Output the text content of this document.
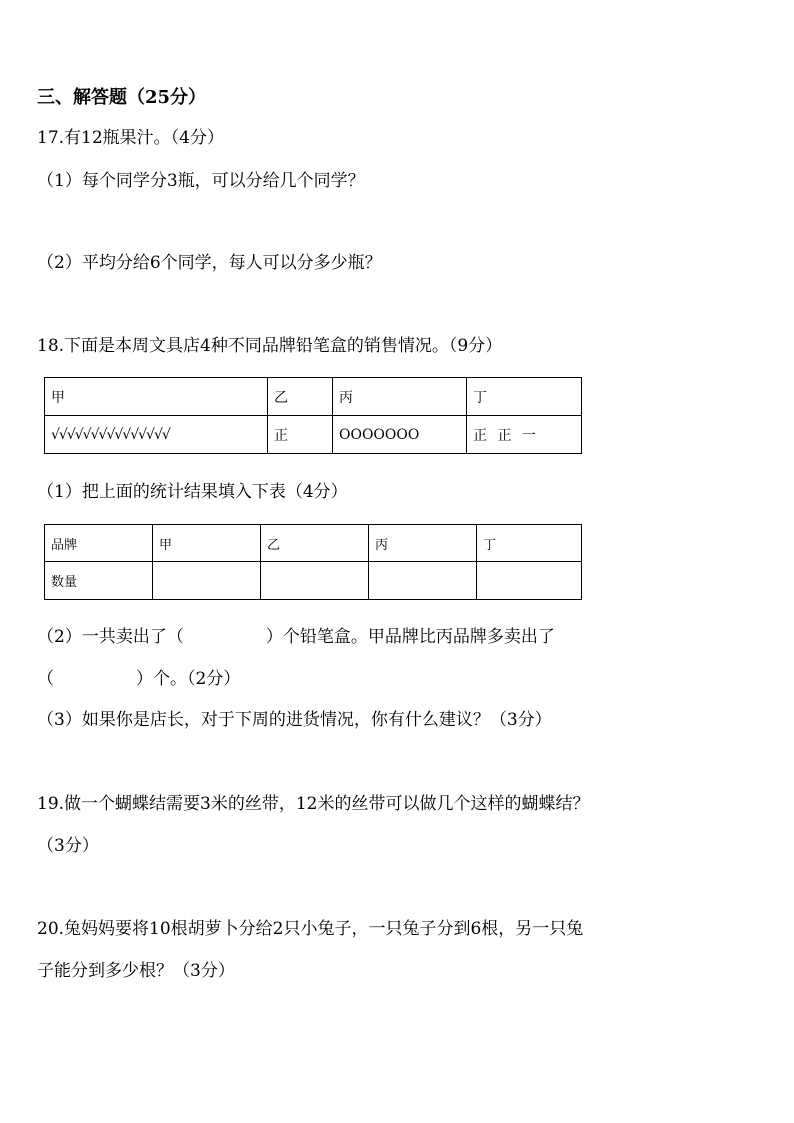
三、解答题（25分）
17.有12瓶果汁。（4分）
（1）每个同学分3瓶，可以分给几个同学？
（2）平均分给6个同学，每人可以分多少瓶？
18.下面是本周文具店4种不同品牌铅笔盒的销售情况。（9分）
甲	乙	丙	丁
√√√√√√√√√√√√√√√	正	OOOOOOO	正 正 一
（1）把上面的统计结果填入下表（4分）
品牌	甲	乙	丙	丁
数量				
（2）一共卖出了（	）个铅笔盒。甲品牌比丙品牌多卖出了
（	）个。（2分）
（3）如果你是店长，对于下周的进货情况，你有什么建议？（3分）
19.做一个蝴蝶结需要3米的丝带，12米的丝带可以做几个这样的蝴蝶结？
（3分）
20.兔妈妈要将10根胡萝卜分给2只小兔子，一只兔子分到6根，另一只兔
子能分到多少根？（3分）
